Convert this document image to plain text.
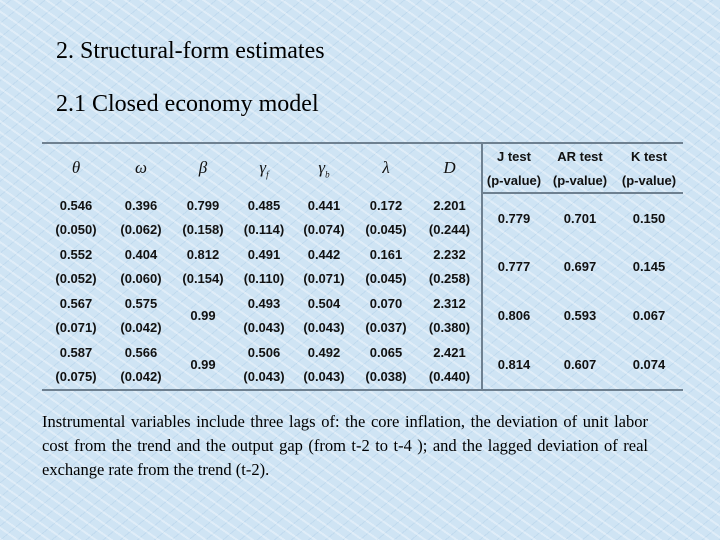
2. Structural-form estimates
2.1 Closed economy model
θ	ω	β	$\gamma_f$	$\gamma_b$	λ	D	J test	AR test	K test
							(p-value)	(p-value)	(p-value)
0.546	0.396	0.799	0.485	0.441	0.172	2.201	0.779	0.701	0.150
(0.050)	(0.062)	(0.158)	(0.114)	(0.074)	(0.045)	(0.244)			
0.552	0.404	0.812	0.491	0.442	0.161	2.232	0.777	0.697	0.145
(0.052)	(0.060)	(0.154)	(0.110)	(0.071)	(0.045)	(0.258)			
0.567	0.575	0.99	0.493	0.504	0.070	2.312	0.806	0.593	0.067
(0.071)	(0.042)		(0.043)	(0.043)	(0.037)	(0.380)			
0.587	0.566	0.99	0.506	0.492	0.065	2.421	0.814	0.607	0.074
(0.075)	(0.042)		(0.043)	(0.043)	(0.038)	(0.440)			

Instrumental variables include three lags of: the core inflation, the deviation of unit labor cost from the trend and the output gap (from t-2 to t-4 ); and the lagged deviation of real exchange rate from the trend (t-2).
